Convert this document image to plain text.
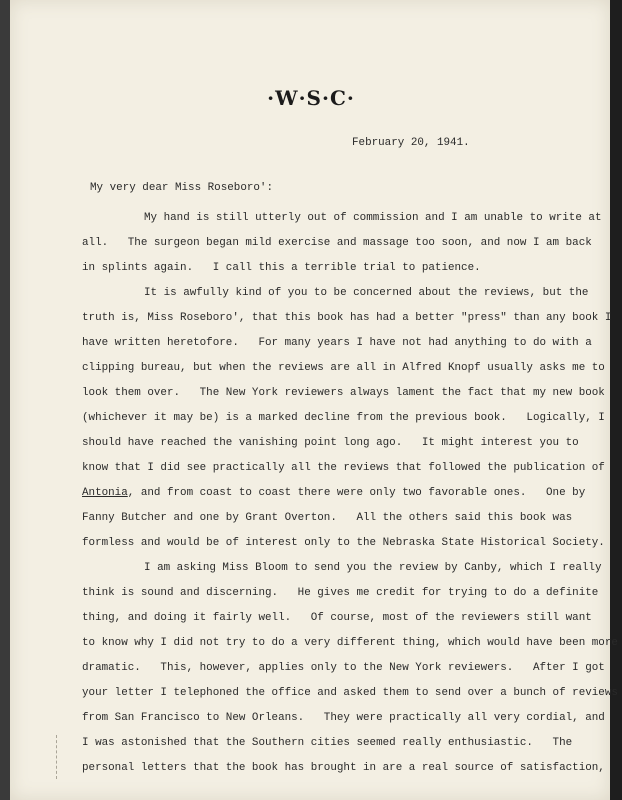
·W·S·C·
February 20, 1941.
My very dear Miss Roseboro':

My hand is still utterly out of commission and I am unable to write at

all.   The surgeon began mild exercise and massage too soon, and now I am back

in splints again.   I call this a terrible trial to patience.

It is awfully kind of you to be concerned about the reviews, but the

truth is, Miss Roseboro', that this book has had a better "press" than any book I

have written heretofore.   For many years I have not had anything to do with a

clipping bureau, but when the reviews are all in Alfred Knopf usually asks me to

look them over.   The New York reviewers always lament the fact that my new book

(whichever it may be) is a marked decline from the previous book.   Logically, I

should have reached the vanishing point long ago.   It might interest you to

know that I did see practically all the reviews that followed the publication of

Antonia, and from coast to coast there were only two favorable ones.   One by

Fanny Butcher and one by Grant Overton.   All the others said this book was

formless and would be of interest only to the Nebraska State Historical Society.

I am asking Miss Bloom to send you the review by Canby, which I really

think is sound and discerning.   He gives me credit for trying to do a definite

thing, and doing it fairly well.   Of course, most of the reviewers still want

to know why I did not try to do a very different thing, which would have been more

dramatic.   This, however, applies only to the New York reviewers.   After I got

your letter I telephoned the office and asked them to send over a bunch of reviews

from San Francisco to New Orleans.   They were practically all very cordial, and

I was astonished that the Southern cities seemed really enthusiastic.   The

personal letters that the book has brought in are a real source of satisfaction,
